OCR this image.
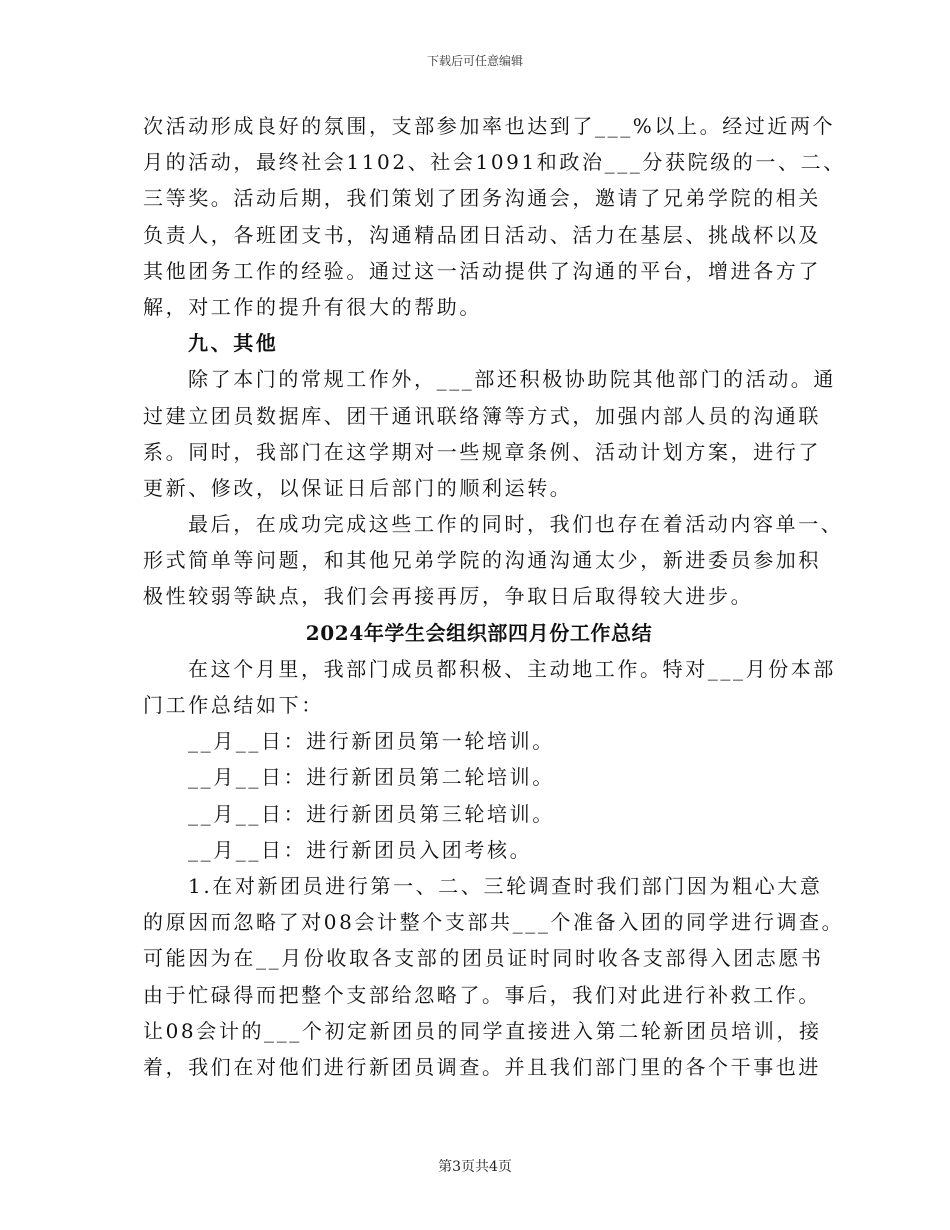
下载后可任意编辑
次活动形成良好的氛围，支部参加率也达到了___%以上。经过近两个
月的活动，最终社会1102、社会1091和政治___分获院级的一、二、
三等奖。活动后期，我们策划了团务沟通会，邀请了兄弟学院的相关
负责人，各班团支书，沟通精品团日活动、活力在基层、挑战杯以及
其他团务工作的经验。通过这一活动提供了沟通的平台，增进各方了
解，对工作的提升有很大的帮助。
九、其他
除了本门的常规工作外，___部还积极协助院其他部门的活动。通
过建立团员数据库、团干通讯联络簿等方式，加强内部人员的沟通联
系。同时，我部门在这学期对一些规章条例、活动计划方案，进行了
更新、修改，以保证日后部门的顺利运转。
最后，在成功完成这些工作的同时，我们也存在着活动内容单一、
形式简单等问题，和其他兄弟学院的沟通沟通太少，新进委员参加积
极性较弱等缺点，我们会再接再厉，争取日后取得较大进步。
2024年学生会组织部四月份工作总结
在这个月里，我部门成员都积极、主动地工作。特对___月份本部
门工作总结如下：
__月__日：进行新团员第一轮培训。
__月__日：进行新团员第二轮培训。
__月__日：进行新团员第三轮培训。
__月__日：进行新团员入团考核。
1.在对新团员进行第一、二、三轮调查时我们部门因为粗心大意
的原因而忽略了对08会计整个支部共___个准备入团的同学进行调查。
可能因为在__月份收取各支部的团员证时同时收各支部得入团志愿书
由于忙碌得而把整个支部给忽略了。事后，我们对此进行补救工作。
让08会计的___个初定新团员的同学直接进入第二轮新团员培训，接
着，我们在对他们进行新团员调查。并且我们部门里的各个干事也进
第3页共4页
